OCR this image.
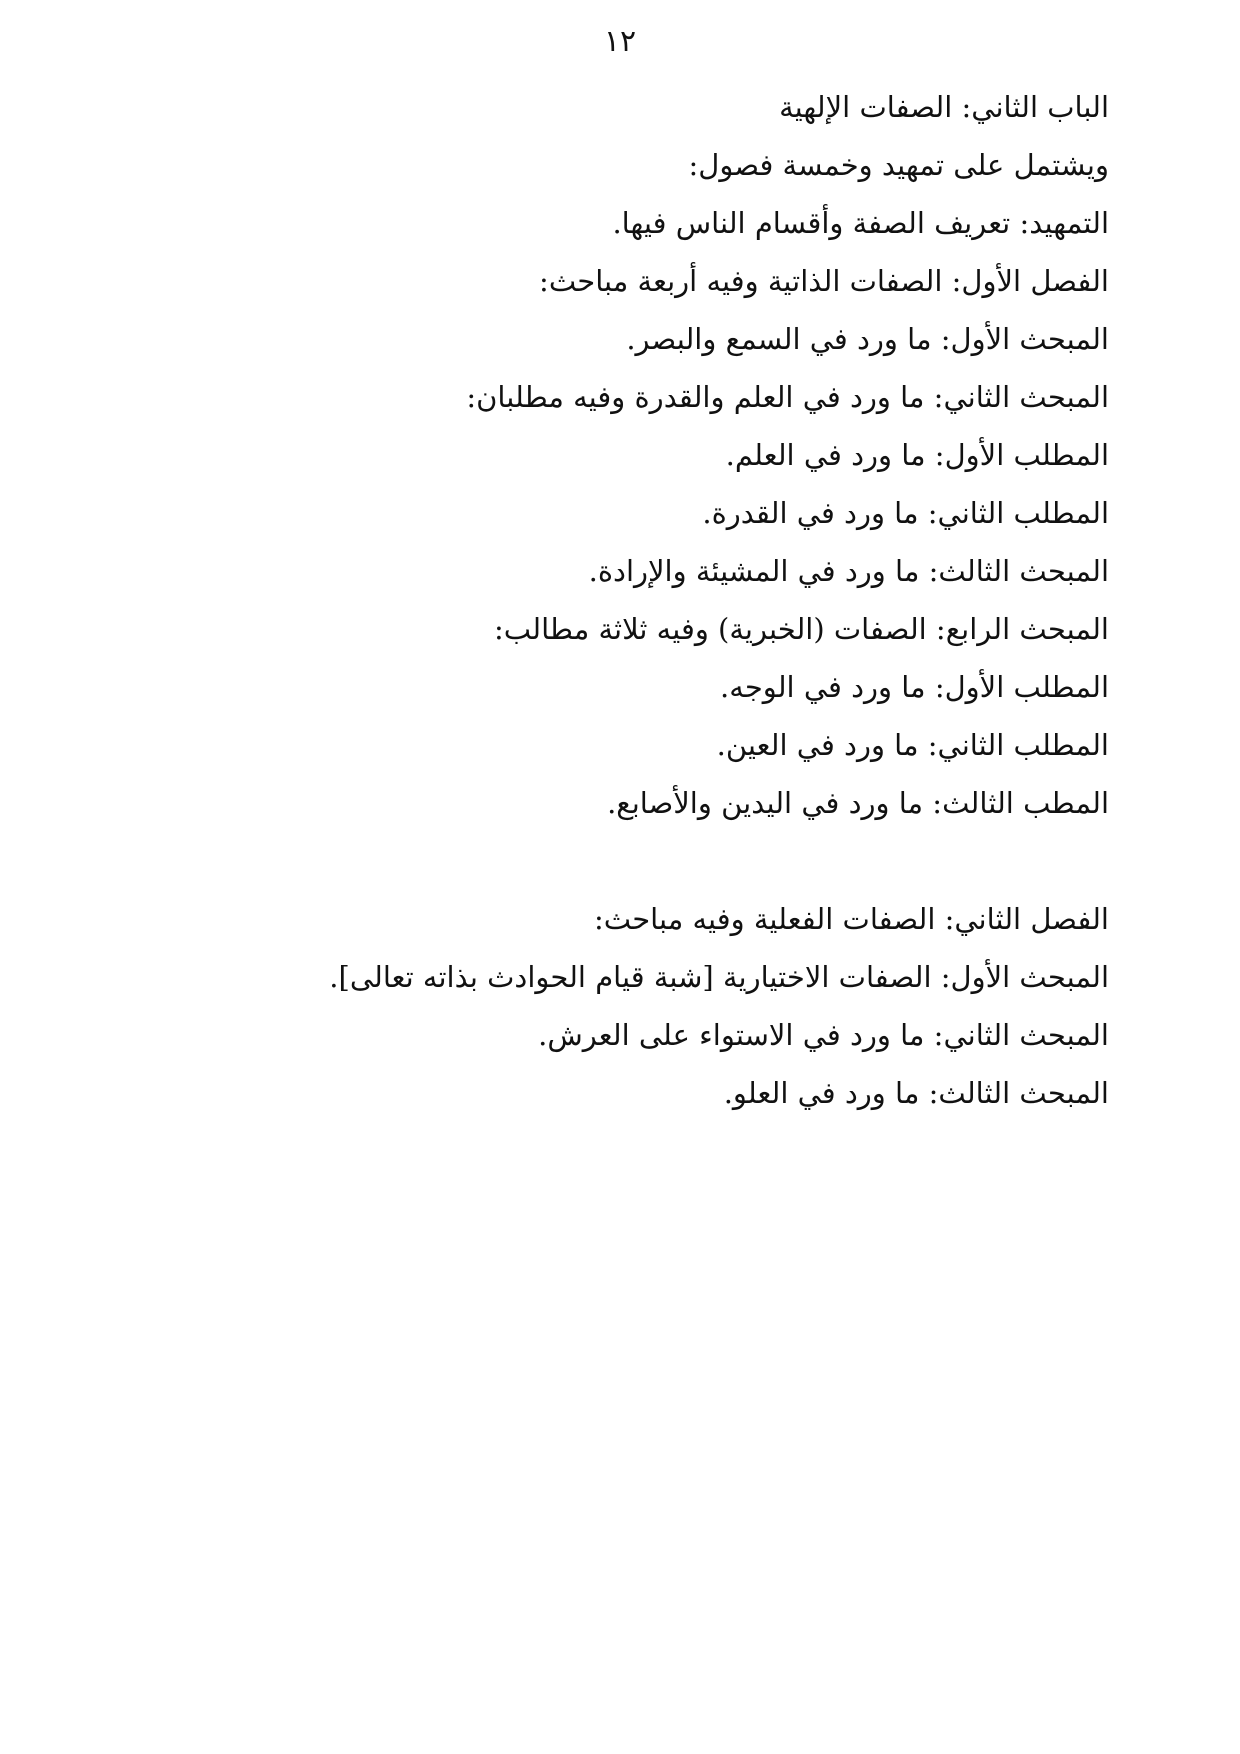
١٢
الباب الثاني: الصفات الإلهية
ويشتمل على تمهيد وخمسة فصول:
التمهيد: تعريف الصفة وأقسام الناس فيها.
الفصل الأول: الصفات الذاتية وفيه أربعة مباحث:
المبحث الأول: ما ورد في السمع والبصر.
المبحث الثاني: ما ورد في العلم والقدرة وفيه مطلبان:
المطلب الأول: ما ورد في العلم.
المطلب الثاني: ما ورد في القدرة.
المبحث الثالث: ما ورد في المشيئة والإرادة.
المبحث الرابع: الصفات (الخبرية) وفيه ثلاثة مطالب:
المطلب الأول: ما ورد في الوجه.
المطلب الثاني: ما ورد في العين.
المطب الثالث: ما ورد في اليدين والأصابع.
الفصل الثاني: الصفات الفعلية وفيه مباحث:
المبحث الأول: الصفات الاختيارية [شبة قيام الحوادث بذاته تعالى].
المبحث الثاني: ما ورد في الاستواء على العرش.
المبحث الثالث: ما ورد في العلو.
